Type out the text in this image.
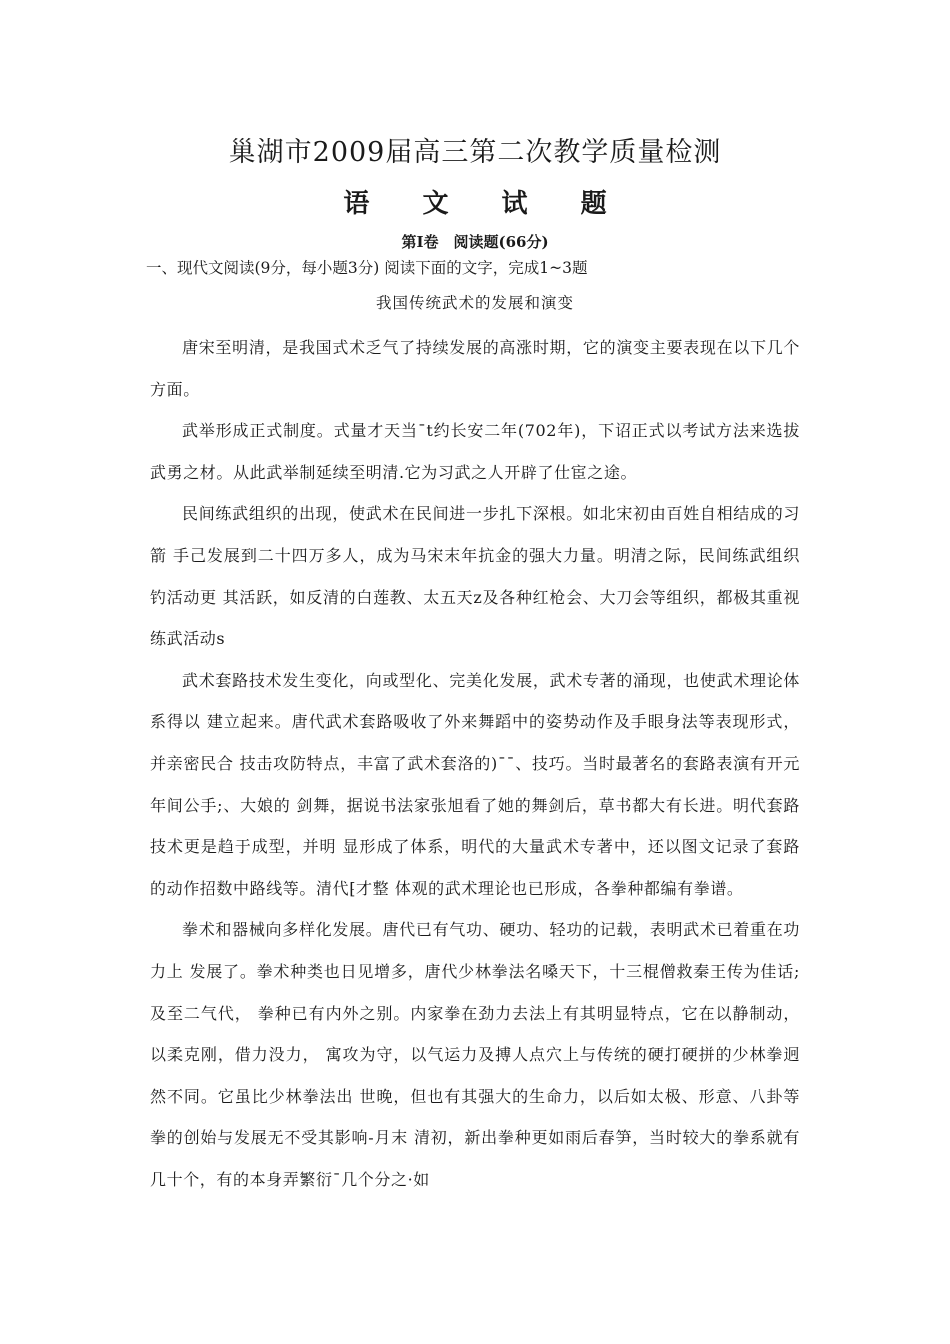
巢湖市2009届高三第二次教学质量检测
语 文 试 题
第Ⅰ卷　阅读题(66分)
一、现代文阅读(9分，每小题3分) 阅读下面的文字，完成1~3题
我国传统武术的发展和演变

唐宋至明清，是我国式术乏气了持续发展的高涨时期，它的演变主要表现在以下几个方面。

武举形成正式制度。式量才天当¯t约长安二年(702年)，下诏正式以考试方法来选拔武勇之材。从此武举制延续至明清.它为习武之人开辟了仕宦之途。

民间练武组织的出现，使武术在民间进一步扎下深根。如北宋初由百姓自相结成的习箭 手己发展到二十四万多人，成为马宋末年抗金的强大力量。明清之际，民间练武组织钓活动更 其活跃，如反清的白莲教、太五天z及各种红枪会、大刀会等组织，都极其重视练武活动s

武术套路技术发生变化，向或型化、完美化发展，武术专著的涌现，也使武术理论体系得以 建立起来。唐代武术套路吸收了外来舞蹈中的姿势动作及手眼身法等表现形式，并亲密民合 技击攻防特点，丰富了武术套洛的)¯¯、技巧。当时最著名的套路表演有开元年间公手;、大娘的 剑舞，据说书法家张旭看了她的舞剑后，草书都大有长进。明代套路技术更是趋于成型，并明 显形成了体系，明代的大量武术专著中，还以图文记录了套路的动作招数中路线等。清代⁅才整 体观的武术理论也已形成，各拳种都编有拳谱。

拳术和器械向多样化发展。唐代已有气功、硬功、轻功的记载，表明武术已着重在功力上 发展了。拳术种类也日见增多，唐代少林拳法名嗓天下，十三棍僧救秦王传为佳话;及至二气代， 拳种已有内外之别。内家拳在劲力去法上有其明显特点，它在以静制动，以柔克刚，借力没力， 寓攻为守，以气运力及搏人点穴上与传统的硬打硬拼的少林拳迥然不同。它虽比少林拳法出 世晚，但也有其强大的生命力，以后如太极、形意、八卦等拳的创始与发展无不受其影响-月末 清初，新出拳种更如雨后春笋，当时较大的拳系就有几十个，有的本身弄繁衍¯几个分之·如
